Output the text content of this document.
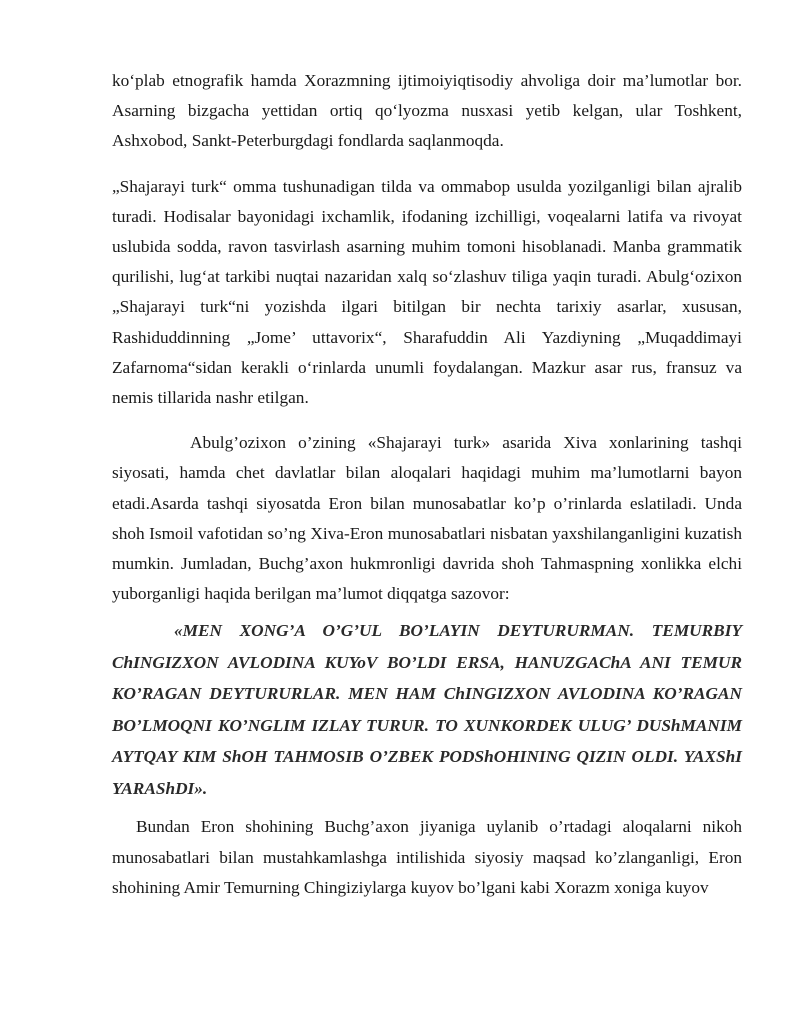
ko‘plab etnografik hamda Xorazmning ijtimoiyiqtisodiy ahvoliga doir ma’lumotlar bor. Asarning bizgacha yettidan ortiq qo‘lyozma nusxasi yetib kelgan, ular Toshkent, Ashxobod, Sankt-Peterburgdagi fondlarda saqlanmoqda.

„Shajarayi turk“ omma tushunadigan tilda va ommabop usulda yozilganligi bilan ajralib turadi. Hodisalar bayonidagi ixchamlik, ifodaning izchilligi, voqealarni latifa va rivoyat uslubida sodda, ravon tasvirlash asarning muhim tomoni hisoblanadi. Manba grammatik qurilishi, lug‘at tarkibi nuqtai nazaridan xalq so‘zlashuv tiliga yaqin turadi. Abulg‘ozixon „Shajarayi turk“ni yozishda ilgari bitilgan bir nechta tarixiy asarlar, xususan, Rashiduddinning „Jome’ uttavorix“, Sharafuddin Ali Yazdiyning „Muqaddimayi Zafarnoma“sidan kerakli o‘rinlarda unumli foydalangan. Mazkur asar rus, fransuz va nemis tillarida nashr etilgan.

Abulg’ozixon o’zining «Shajarayi turk» asarida Xiva xonlarining tashqi siyosati, hamda chet davlatlar bilan aloqalari haqidagi muhim ma’lumotlarni bayon etadi.Asarda tashqi siyosatda Eron bilan munosabatlar ko’p o’rinlarda eslatiladi. Unda shoh Ismoil vafotidan so’ng Xiva-Eron munosabatlari nisbatan yaxshilanganligini kuzatish mumkin. Jumladan, Buchg’axon hukmronligi davrida shoh Tahmaspning xonlikka elchi yuborganligi haqida berilgan ma’lumot diqqatga sazovor:

«MEN XONG’A O’G’UL BO’LAYIN DEYTURURMAN. TEMURBIY ChINGIZXON AVLODINA KUYoV BO’LDI ERSA, HANUZGAChA ANI TEMUR KO’RAGAN DEYTURURLAR. MEN HAM ChINGIZXON AVLODINA KO’RAGAN BO’LMOQNI KO’NGLIM IZLAY TURUR. TO XUNKORDEK ULUG’ DUShMANIM AYTQAY KIM ShOH TAHMOSIB O’ZBEK PODShOHINING QIZIN OLDI. YAXShI YARAShDI».

Bundan Eron shohining Buchg’axon jiyaniga uylanib o’rtadagi aloqalarni nikoh munosabatlari bilan mustahkamlashga intilishida siyosiy maqsad ko’zlanganligi, Eron shohining Amir Temurning Chingiziylarga kuyov bo’lgani kabi Xorazm xoniga kuyov
